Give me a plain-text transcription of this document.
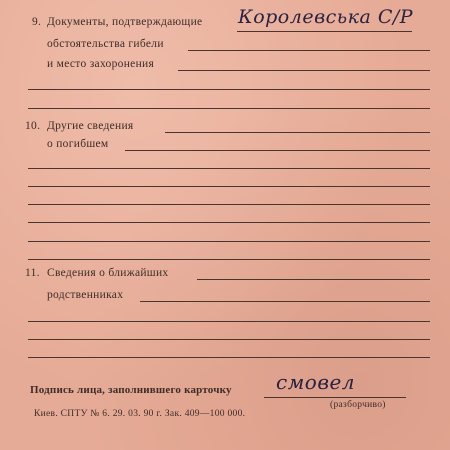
9. Документы, подтверждающие Королевська С/Р
обстоятельства гибели
и место захоронения
10. Другие сведения
о погибшем
11. Сведения о ближайших
родственниках
Подпись лица, заполнившего карточку смовел
(разборчиво)
Киев. СПТУ № 6. 29. 03. 90 г. Зак. 409—100 000.
